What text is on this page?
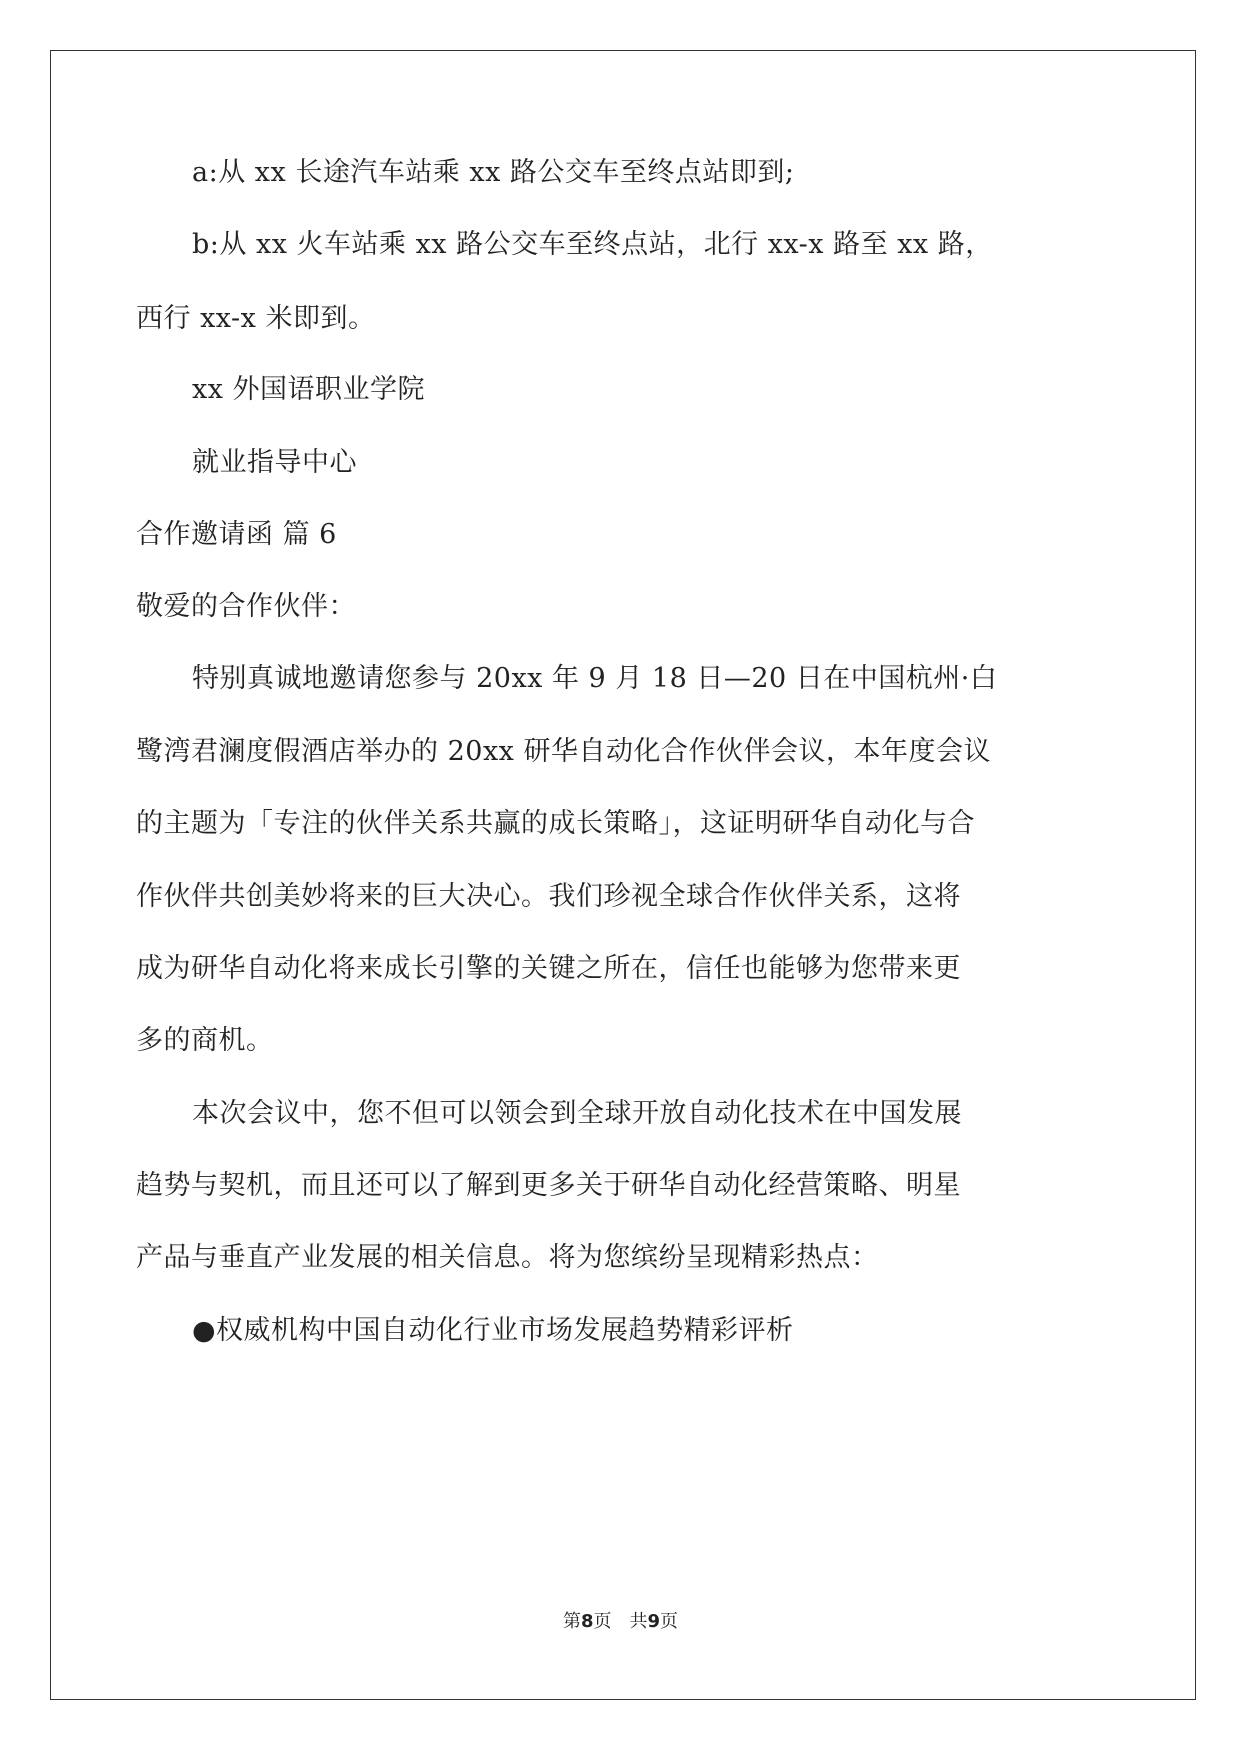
a:从 xx 长途汽车站乘 xx 路公交车至终点站即到;
b:从 xx 火车站乘 xx 路公交车至终点站，北行 xx-x 路至 xx 路，
西行 xx-x 米即到。
xx 外国语职业学院
就业指导中心
合作邀请函 篇 6
敬爱的合作伙伴：
特别真诚地邀请您参与 20xx 年 9 月 18 日—20 日在中国杭州·白
鹭湾君澜度假酒店举办的 20xx 研华自动化合作伙伴会议，本年度会议
的主题为「专注的伙伴关系共赢的成长策略」，这证明研华自动化与合
作伙伴共创美妙将来的巨大决心。我们珍视全球合作伙伴关系，这将
成为研华自动化将来成长引擎的关键之所在，信任也能够为您带来更
多的商机。
本次会议中，您不但可以领会到全球开放自动化技术在中国发展
趋势与契机，而且还可以了解到更多关于研华自动化经营策略、明星
产品与垂直产业发展的相关信息。将为您缤纷呈现精彩热点：
●权威机构中国自动化行业市场发展趋势精彩评析
第8页　共9页
